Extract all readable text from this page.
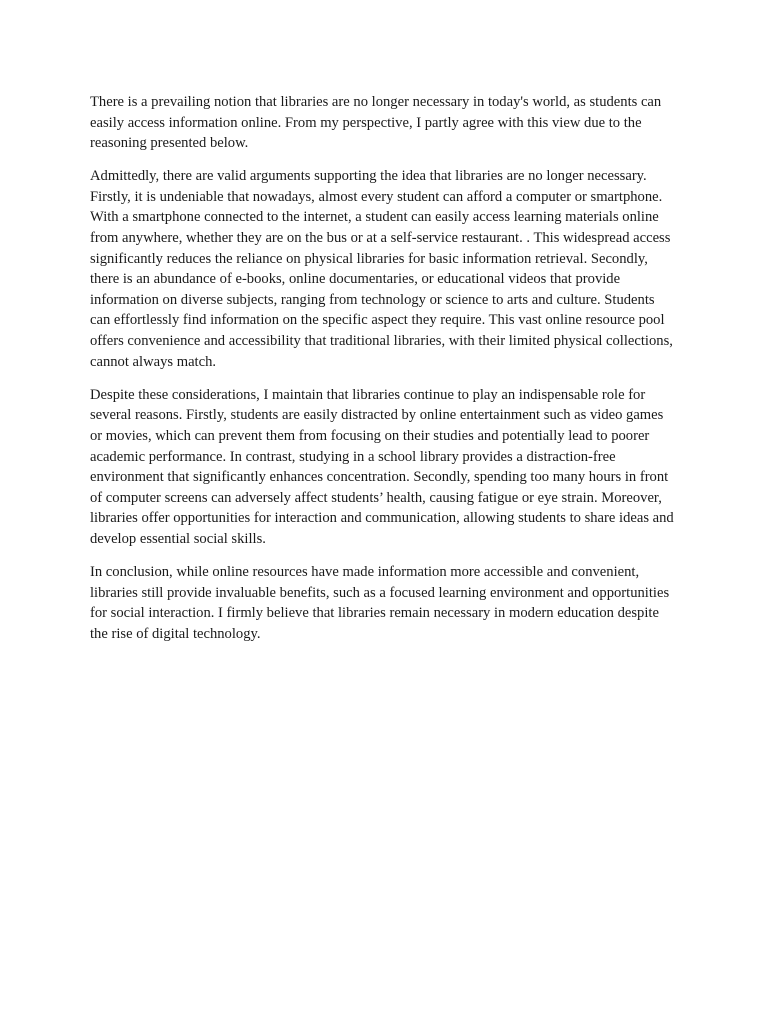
There is a prevailing notion that libraries are no longer necessary in today's world, as students can easily access information online. From my perspective, I partly agree with this view due to the reasoning presented below.

Admittedly, there are valid arguments supporting the idea that libraries are no longer necessary. Firstly, it is undeniable that nowadays, almost every student can afford a computer or smartphone. With a smartphone connected to the internet, a student can easily access learning materials online from anywhere, whether they are on the bus or at a self-service restaurant. . This widespread access significantly reduces the reliance on physical libraries for basic information retrieval. Secondly, there is an abundance of e-books, online documentaries, or educational videos that provide information on diverse subjects, ranging from technology or science to arts and culture. Students can effortlessly find information on the specific aspect they require. This vast online resource pool offers convenience and accessibility that traditional libraries, with their limited physical collections, cannot always match.

Despite these considerations, I maintain that libraries continue to play an indispensable role for several reasons. Firstly, students are easily distracted by online entertainment such as video games or movies, which can prevent them from focusing on their studies and potentially lead to poorer academic performance. In contrast, studying in a school library provides a distraction-free environment that significantly enhances concentration. Secondly, spending too many hours in front of computer screens can adversely affect students’ health, causing fatigue or eye strain. Moreover, libraries offer opportunities for interaction and communication, allowing students to share ideas and develop essential social skills.

In conclusion, while online resources have made information more accessible and convenient, libraries still provide invaluable benefits, such as a focused learning environment and opportunities for social interaction. I firmly believe that libraries remain necessary in modern education despite the rise of digital technology.
